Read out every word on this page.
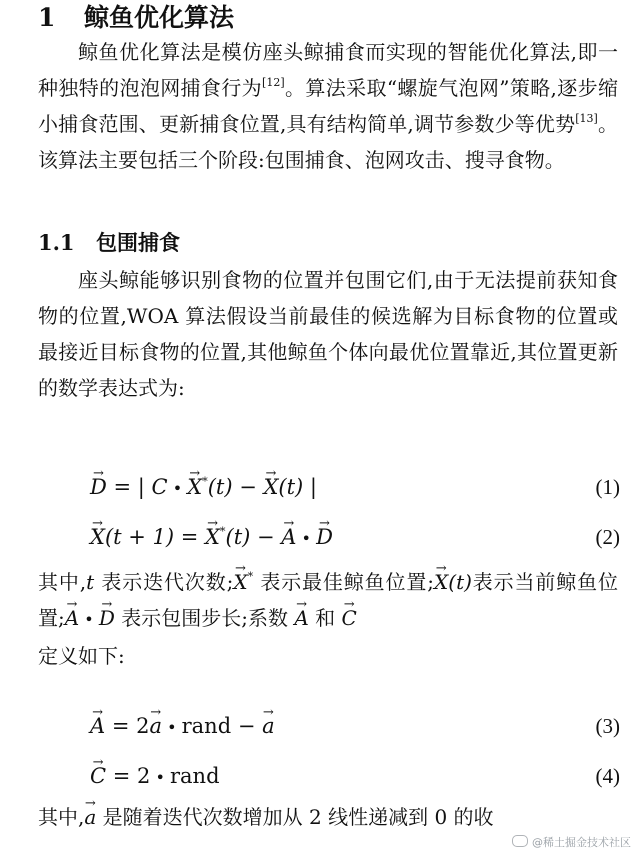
1 鲸鱼优化算法
鲸鱼优化算法是模仿座头鲸捕食而实现的智能优化算法,即一种独特的泡泡网捕食行为[12]。算法采取“螺旋气泡网”策略,逐步缩小捕食范围、更新捕食位置,具有结构简单,调节参数少等优势[13]。该算法主要包括三个阶段:包围捕食、泡网攻击、搜寻食物。
1.1 包围捕食
座头鲸能够识别食物的位置并包围它们,由于无法提前获知食物的位置,WOA 算法假设当前最佳的候选解为目标食物的位置或最接近目标食物的位置,其他鲸鱼个体向最优位置靠近,其位置更新的数学表达式为:
→ D = | C • → X*(t) − → X(t) |	(1)
→ X(t + 1) = → X*(t) − → A • → D	(2)
其中,t 表示迭代次数;→ X* 表示最佳鲸鱼位置;→ X(t)表示当前鲸鱼位置;→ A • → D 表示包围步长;系数 → A 和 → C
定义如下:
→ A = 2→ a • rand − → a	(3)
→ C = 2 • rand	(4)
其中,→ a 是随着迭代次数增加从 2 线性递减到 0 的收
@稀土掘金技术社区
